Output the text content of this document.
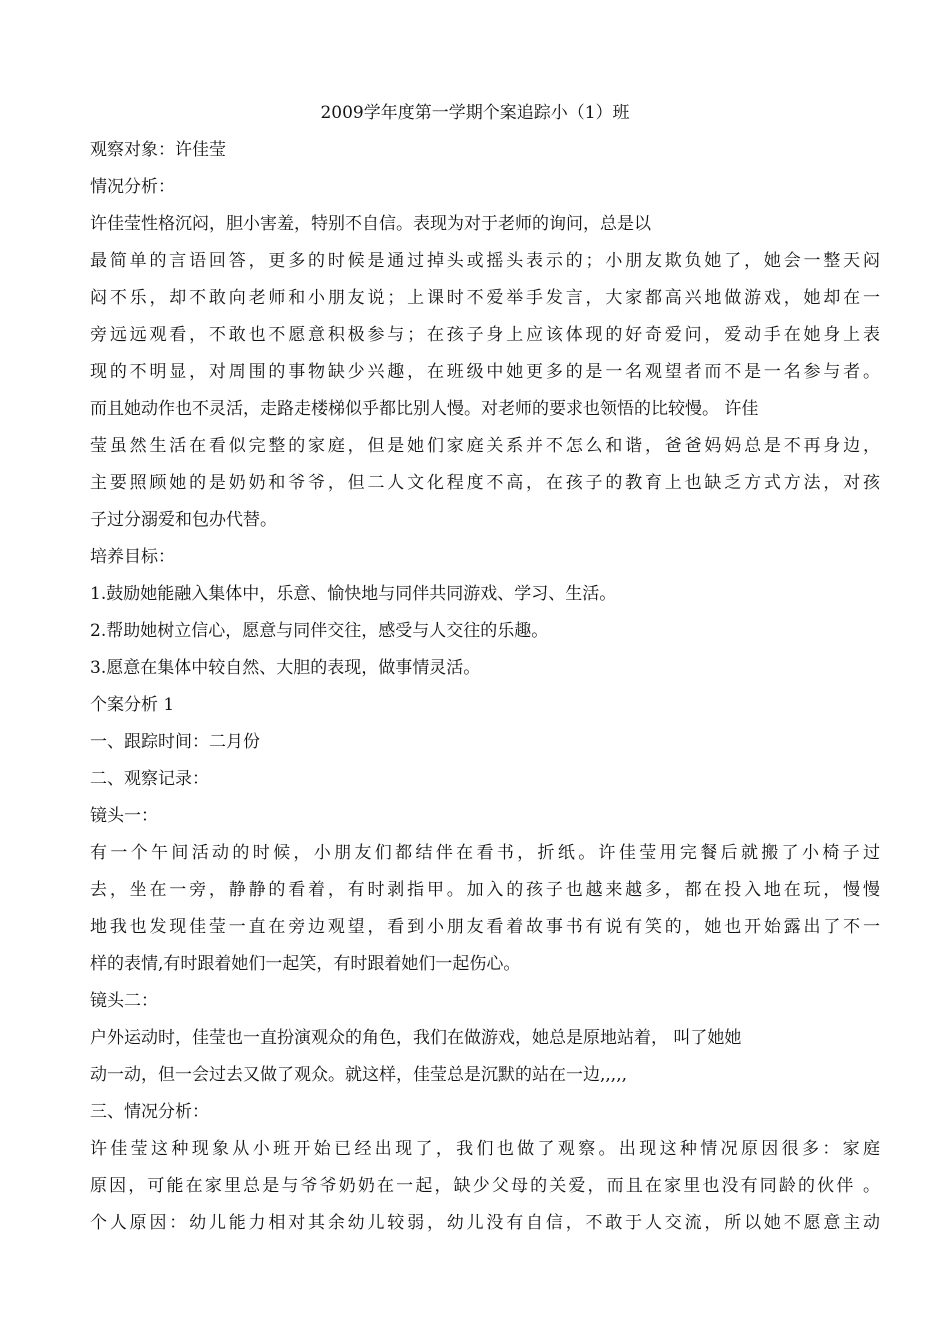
2009学年度第一学期个案追踪小（1）班
观察对象：许佳莹
情况分析：
许佳莹性格沉闷，胆小害羞，特别不自信。表现为对于老师的询问，总是以
最简单的言语回答，更多的时候是通过掉头或摇头表示的；小朋友欺负她了，她会一整天闷
闷不乐，却不敢向老师和小朋友说；上课时不爱举手发言，大家都高兴地做游戏，她却在一
旁远远观看，不敢也不愿意积极参与；在孩子身上应该体现的好奇爱问，爱动手在她身上表
现的不明显，对周围的事物缺少兴趣，在班级中她更多的是一名观望者而不是一名参与者。
而且她动作也不灵活，走路走楼梯似乎都比别人慢。对老师的要求也领悟的比较慢。 许佳
莹虽然生活在看似完整的家庭，但是她们家庭关系并不怎么和谐，爸爸妈妈总是不再身边，
主要照顾她的是奶奶和爷爷，但二人文化程度不高，在孩子的教育上也缺乏方式方法，对孩
子过分溺爱和包办代替。
培养目标：
1.鼓励她能融入集体中，乐意、愉快地与同伴共同游戏、学习、生活。
2.帮助她树立信心，愿意与同伴交往，感受与人交往的乐趣。
3.愿意在集体中较自然、大胆的表现，做事情灵活。
个案分析 1
一、跟踪时间：二月份
二、观察记录：
镜头一：
有一个午间活动的时候，小朋友们都结伴在看书，折纸。许佳莹用完餐后就搬了小椅子过
去，坐在一旁，静静的看着，有时剥指甲。加入的孩子也越来越多，都在投入地在玩，慢慢
地我也发现佳莹一直在旁边观望，看到小朋友看着故事书有说有笑的，她也开始露出了不一
样的表情,有时跟着她们一起笑，有时跟着她们一起伤心。
镜头二：
户外运动时，佳莹也一直扮演观众的角色，我们在做游戏，她总是原地站着， 叫了她她
动一动，但一会过去又做了观众。就这样，佳莹总是沉默的站在一边,,,,,
三、情况分析：
许佳莹这种现象从小班开始已经出现了，我们也做了观察。出现这种情况原因很多：家庭
原因，可能在家里总是与爷爷奶奶在一起，缺少父母的关爱，而且在家里也没有同龄的伙伴 。
个人原因：幼儿能力相对其余幼儿较弱，幼儿没有自信，不敢于人交流，所以她不愿意主动
